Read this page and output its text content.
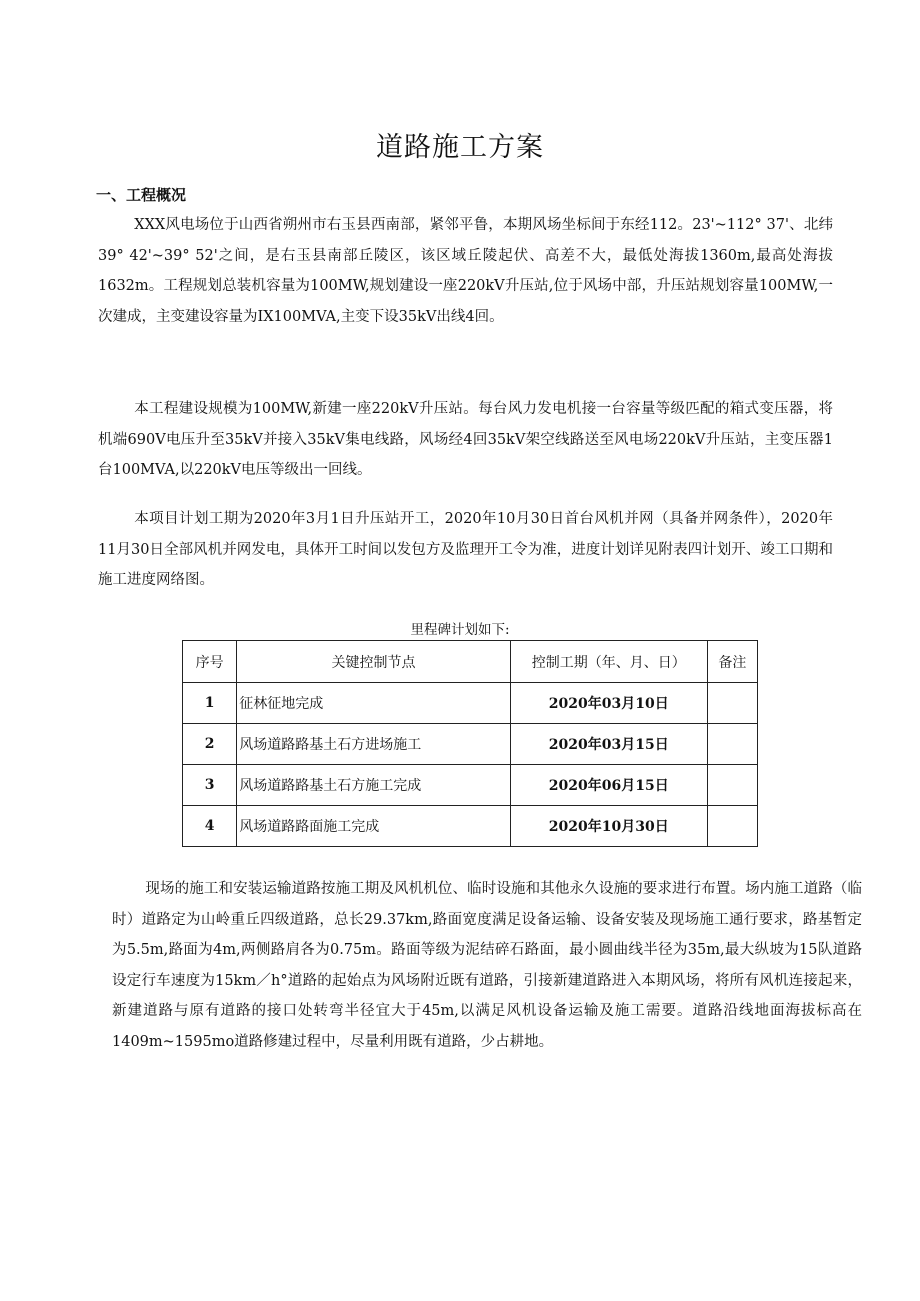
道路施工方案
一、工程概况

XXX风电场位于山西省朔州市右玉县西南部，紧邻平鲁，本期风场坐标间于东经112。23'~112° 37'、北纬39° 42'~39° 52'之间，是右玉县南部丘陵区，该区域丘陵起伏、高差不大，最低处海拔1360m,最高处海拔1632m。工程规划总装机容量为100MW,规划建设一座220kV升压站,位于风场中部，升压站规划容量100MW,一次建成，主变建设容量为IX100MVA,主变下设35kV出线4回。

本工程建设规模为100MW,新建一座220kV升压站。每台风力发电机接一台容量等级匹配的箱式变压器，将机端690V电压升至35kV并接入35kV集电线路，风场经4回35kV架空线路送至风电场220kV升压站，主变压器1台100MVA,以220kV电压等级出一回线。

本项目计划工期为2020年3月1日升压站开工，2020年10月30日首台风机并网（具备并网条件），2020年11月30日全部风机并网发电，具体开工时间以发包方及监理开工令为准，进度计划详见附表四计划开、竣工口期和施工进度网络图。

里程碑计划如下:
序号	关键控制节点	控制工期（年、月、日）	备注
1	征林征地完成	2020年03月10日	
2	风场道路路基土石方进场施工	2020年03月15日	
3	风场道路路基土石方施工完成	2020年06月15日	
4	风场道路路面施工完成	2020年10月30日	

现场的施工和安装运输道路按施工期及风机机位、临时设施和其他永久设施的要求进行布置。场内施工道路（临时）道路定为山岭重丘四级道路，总长29.37km,路面宽度满足设备运输、设备安装及现场施工通行要求，路基暂定为5.5m,路面为4m,两侧路肩各为0.75m。路面等级为泥结碎石路面，最小圆曲线半径为35m,最大纵坡为15队道路设定行车速度为15km／h°道路的起始点为风场附近既有道路，引接新建道路进入本期风场，将所有风机连接起来，新建道路与原有道路的接口处转弯半径宜大于45m,以满足风机设备运输及施工需要。道路沿线地面海拔标高在1409m~1595mo道路修建过程中，尽量利用既有道路，少占耕地。
